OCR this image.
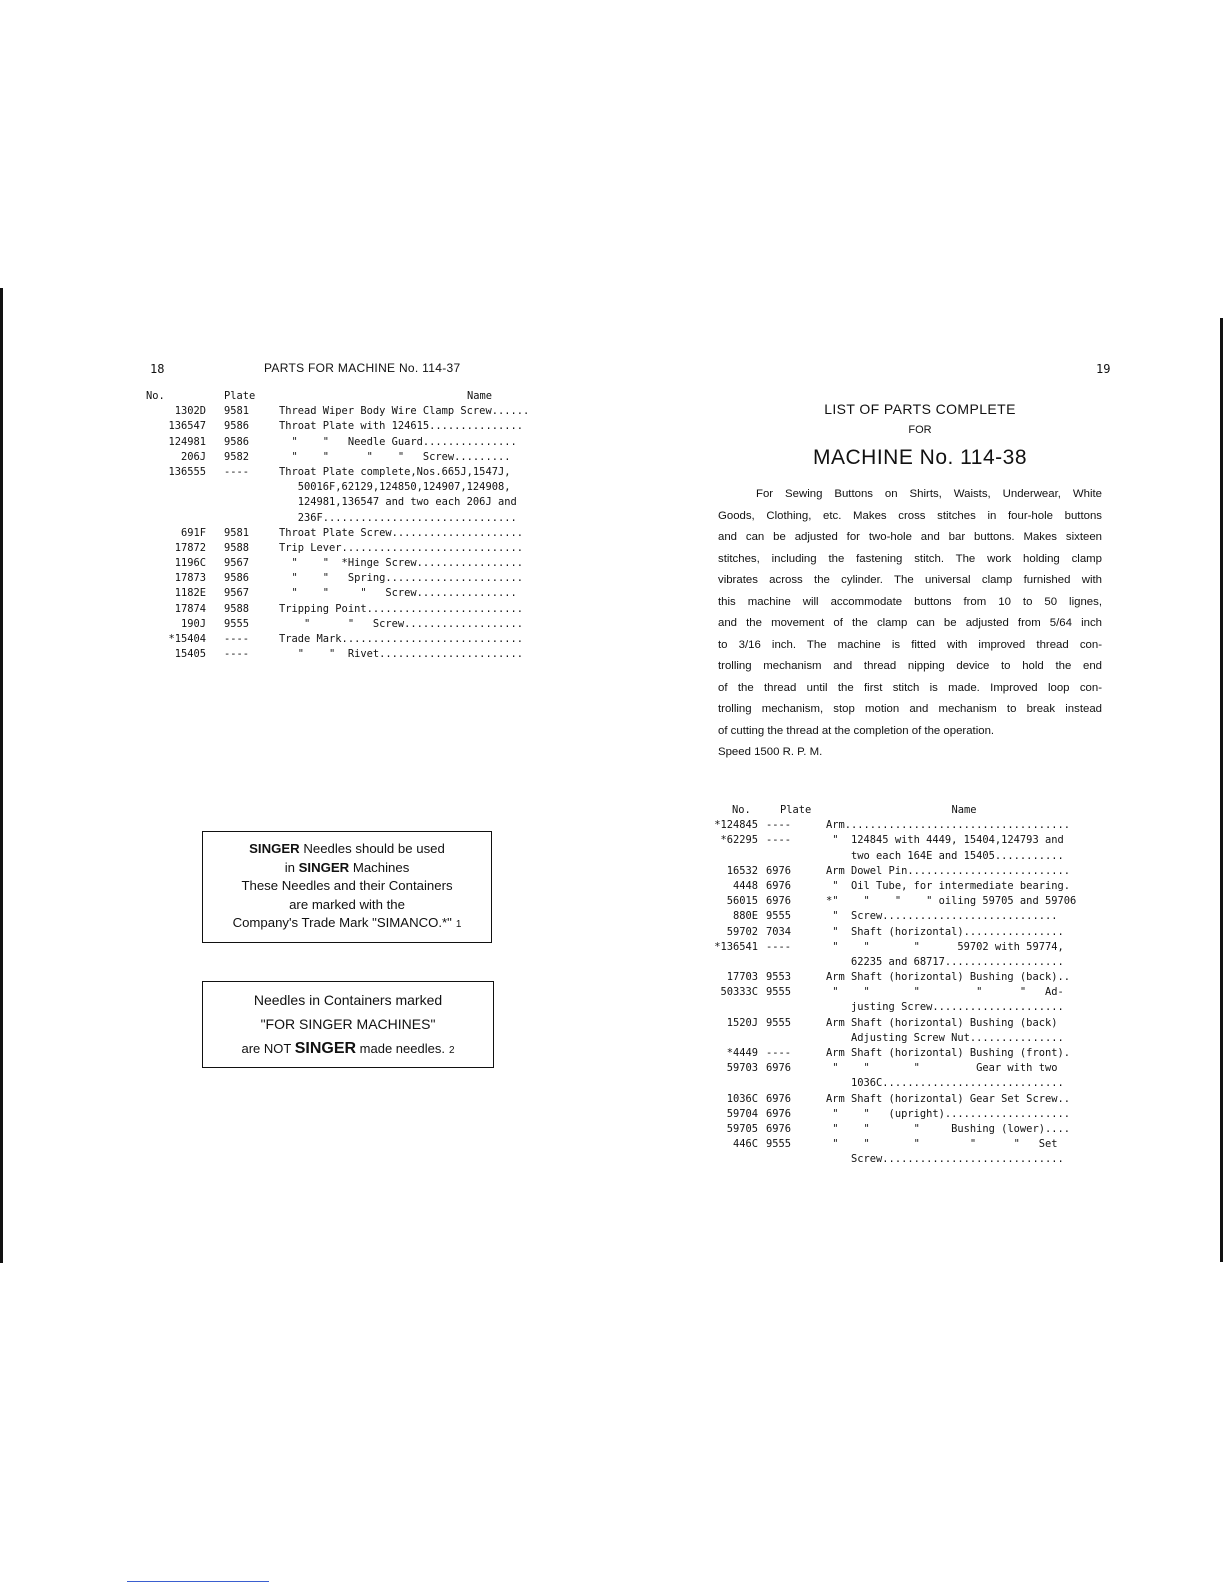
18	PARTS FOR MACHINE No. 114-37
No.	Plate	Name
1302D 9581	Thread Wiper Body Wire Clamp Screw......
136547 9586	Throat Plate with 124615...............
124981 9586	"    "   Needle Guard...............
206J 9582	"    "      "    "   Screw.........
136555 ----	Throat Plate complete,Nos.665J,1547J,
50016F,62129,124850,124907,124908,
124981,136547 and two each 206J and
236F...............................
691F 9581	Throat Plate Screw.....................
17872 9588	Trip Lever.............................
1196C 9567	"    "  *Hinge Screw.................
17873 9586	"    "   Spring......................
1182E 9567	"    "     "   Screw................
17874 9588	Tripping Point.........................
190J 9555	"      "   Screw...................
*15404 ----	Trade Mark.............................
15405 ----	"    "  Rivet.......................
SINGER Needles should be used
in SINGER Machines
These Needles and their Containers
are marked with the
Company's Trade Mark "SIMANCO.*" 1
Needles in Containers marked
"FOR SINGER MACHINES"
are NOT SINGER made needles. 2
19
LIST OF PARTS COMPLETE
FOR
MACHINE No. 114-38
For Sewing Buttons on Shirts, Waists, Underwear, White
Goods, Clothing, etc. Makes cross stitches in four-hole buttons
and can be adjusted for two-hole and bar buttons. Makes sixteen
stitches, including the fastening stitch. The work holding clamp
vibrates across the cylinder. The universal clamp furnished with
this machine will accommodate buttons from 10 to 50 lignes,
and the movement of the clamp can be adjusted from 5/64 inch
to 3/16 inch. The machine is fitted with improved thread con-
trolling mechanism and thread nipping device to hold the end
of the thread until the first stitch is made. Improved loop con-
trolling mechanism, stop motion and mechanism to break instead
of cutting the thread at the completion of the operation.
Speed 1500 R. P. M.
No.	Plate	Name
*124845 ----	Arm....................................
*62295 ----	"  124845 with 4449, 15404,124793 and
two each 164E and 15405...........
16532 6976	Arm Dowel Pin..........................
4448 6976	"  Oil Tube, for intermediate bearing.
56015 6976	*"    "    "    " oiling 59705 and 59706
880E 9555	"  Screw............................
59702 7034	"  Shaft (horizontal)................
*136541 ----	"    "       "      59702 with 59774,
62235 and 68717...................
17703 9553	Arm Shaft (horizontal) Bushing (back)..
50333C 9555	"    "       "         "      "   Ad-
justing Screw.....................
1520J 9555	Arm Shaft (horizontal) Bushing (back)
Adjusting Screw Nut...............
*4449 ----	Arm Shaft (horizontal) Bushing (front).
59703 6976	"    "       "         Gear with two
1036C.............................
1036C 6976	Arm Shaft (horizontal) Gear Set Screw..
59704 6976	"    "   (upright)....................
59705 6976	"    "       "     Bushing (lower)....
446C 9555	"    "       "        "      "   Set
Screw.............................
